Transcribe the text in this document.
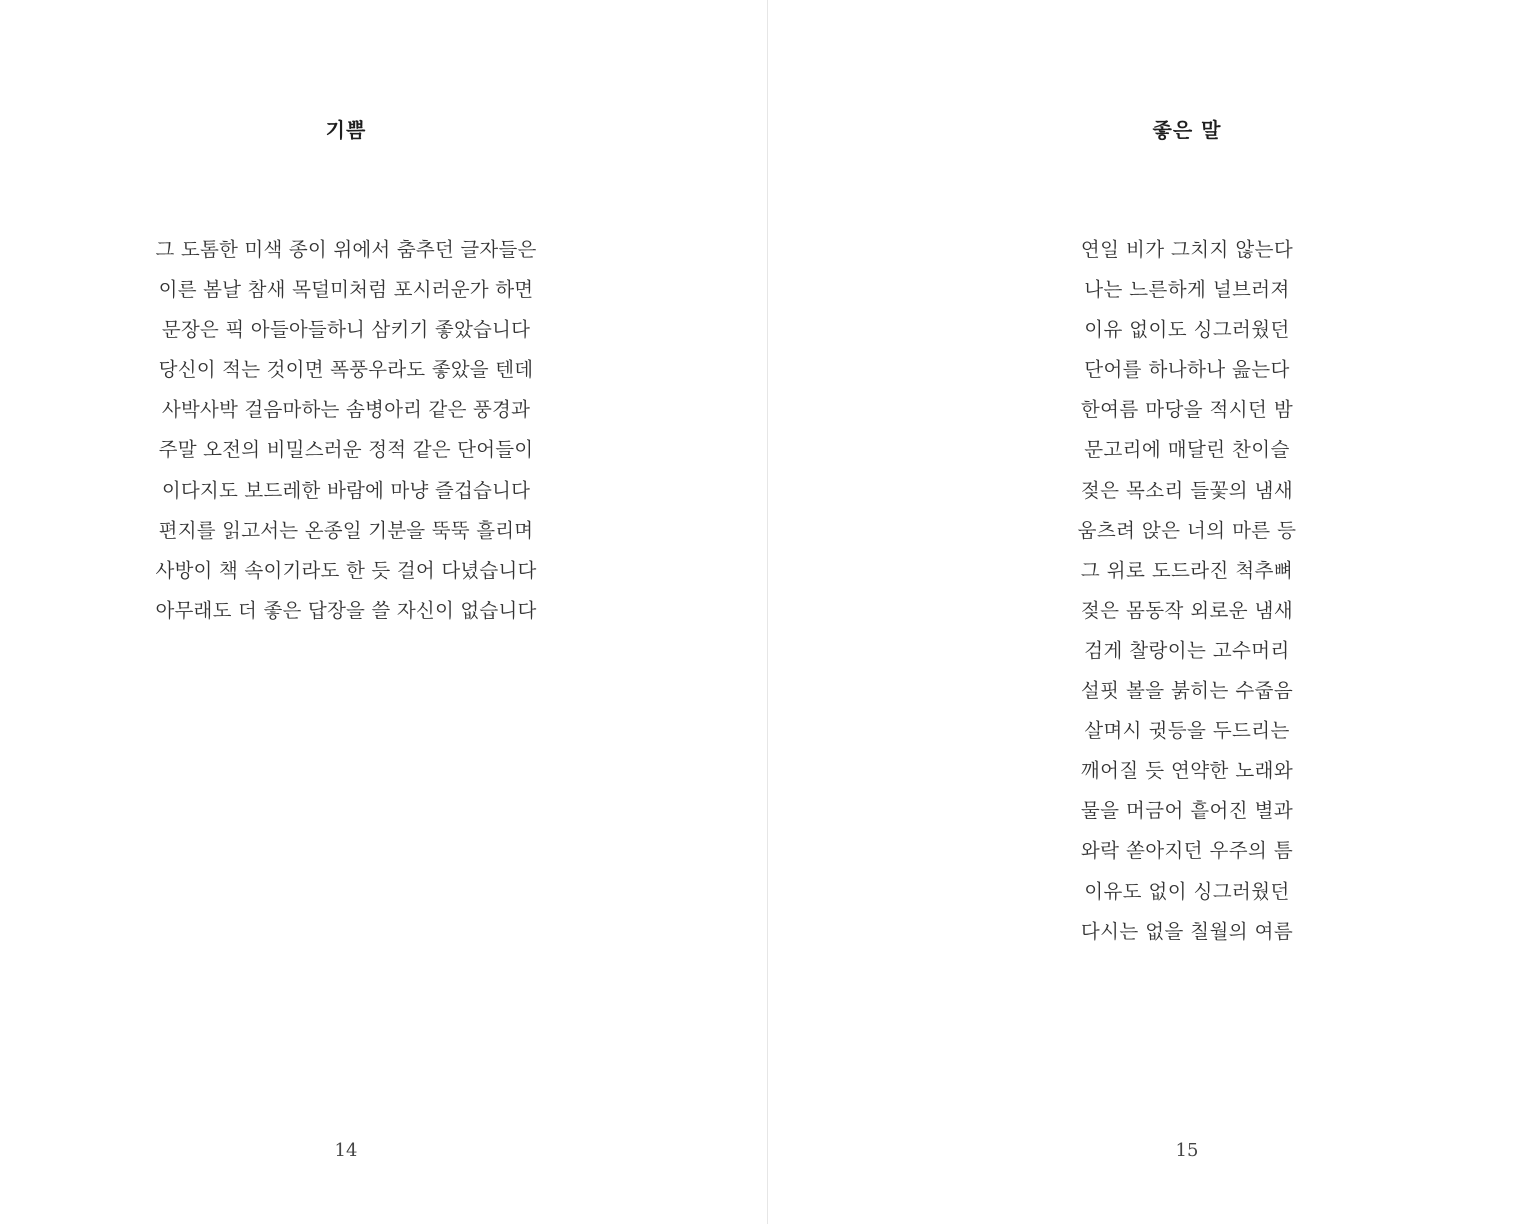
기쁨
그 도톰한 미색 종이 위에서 춤추던 글자들은
이른 봄날 참새 목덜미처럼 포시러운가 하면
문장은 픽 아들아들하니 삼키기 좋았습니다
당신이 적는 것이면 폭풍우라도 좋았을 텐데
사박사박 걸음마하는 솜병아리 같은 풍경과
주말 오전의 비밀스러운 정적 같은 단어들이
이다지도 보드레한 바람에 마냥 즐겁습니다
편지를 읽고서는 온종일 기분을 뚝뚝 흘리며
사방이 책 속이기라도 한 듯 걸어 다녔습니다
아무래도 더 좋은 답장을 쓸 자신이 없습니다
14
좋은 말
연일 비가 그치지 않는다
나는 느른하게 널브러져
이유 없이도 싱그러웠던
단어를 하나하나 읊는다
한여름 마당을 적시던 밤
문고리에 매달린 찬이슬
젖은 목소리 들꽃의 냄새
움츠려 앉은 너의 마른 등
그 위로 도드라진 척추뼈
젖은 몸동작 외로운 냄새
검게 찰랑이는 고수머리
설핏 볼을 붉히는 수줍음
살며시 귓등을 두드리는
깨어질 듯 연약한 노래와
물을 머금어 흩어진 별과
와락 쏟아지던 우주의 틈
이유도 없이 싱그러웠던
다시는 없을 칠월의 여름
15
